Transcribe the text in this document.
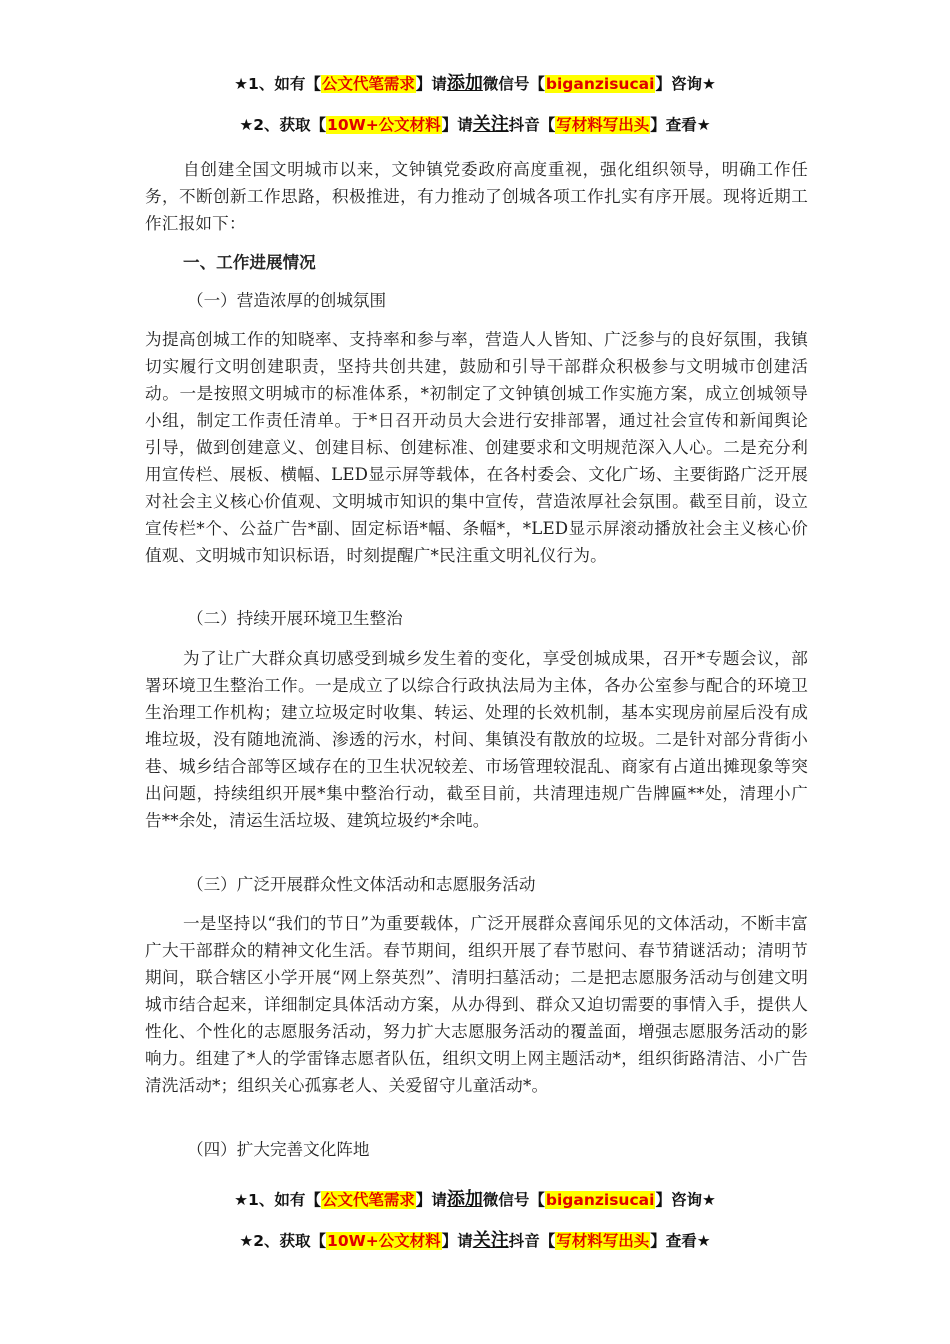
★1、如有【公文代笔需求】请添加微信号【biganzisucai】咨询★
★2、获取【10W+公文材料】请关注抖音【写材料写出头】查看★

自创建全国文明城市以来，文钟镇党委政府高度重视，强化组织领导，明确工作任务，不断创新工作思路，积极推进，有力推动了创城各项工作扎实有序开展。现将近期工作汇报如下：

一、工作进展情况

（一）营造浓厚的创城氛围

为提高创城工作的知晓率、支持率和参与率，营造人人皆知、广泛参与的良好氛围，我镇切实履行文明创建职责，坚持共创共建，鼓励和引导干部群众积极参与文明城市创建活动。一是按照文明城市的标准体系，*初制定了文钟镇创城工作实施方案，成立创城领导小组，制定工作责任清单。于*日召开动员大会进行安排部署，通过社会宣传和新闻舆论引导，做到创建意义、创建目标、创建标准、创建要求和文明规范深入人心。二是充分利用宣传栏、展板、横幅、LED显示屏等载体，在各村委会、文化广场、主要街路广泛开展对社会主义核心价值观、文明城市知识的集中宣传，营造浓厚社会氛围。截至目前，设立宣传栏*个、公益广告*副、固定标语*幅、条幅*，*LED显示屏滚动播放社会主义核心价值观、文明城市知识标语，时刻提醒广*民注重文明礼仪行为。

（二）持续开展环境卫生整治

为了让广大群众真切感受到城乡发生着的变化，享受创城成果，召开*专题会议，部署环境卫生整治工作。一是成立了以综合行政执法局为主体，各办公室参与配合的环境卫生治理工作机构；建立垃圾定时收集、转运、处理的长效机制，基本实现房前屋后没有成堆垃圾，没有随地流淌、渗透的污水，村间、集镇没有散放的垃圾。二是针对部分背街小巷、城乡结合部等区域存在的卫生状况较差、市场管理较混乱、商家有占道出摊现象等突出问题，持续组织开展*集中整治行动，截至目前，共清理违规广告牌匾**处，清理小广告**余处，清运生活垃圾、建筑垃圾约*余吨。

（三）广泛开展群众性文体活动和志愿服务活动

一是坚持以“我们的节日”为重要载体，广泛开展群众喜闻乐见的文体活动，不断丰富广大干部群众的精神文化生活。春节期间，组织开展了春节慰问、春节猜谜活动；清明节期间，联合辖区小学开展“网上祭英烈”、清明扫墓活动；二是把志愿服务活动与创建文明城市结合起来，详细制定具体活动方案，从办得到、群众又迫切需要的事情入手，提供人性化、个性化的志愿服务活动，努力扩大志愿服务活动的覆盖面，增强志愿服务活动的影响力。组建了*人的学雷锋志愿者队伍，组织文明上网主题活动*，组织街路清洁、小广告清洗活动*；组织关心孤寡老人、关爱留守儿童活动*。

（四）扩大完善文化阵地

★1、如有【公文代笔需求】请添加微信号【biganzisucai】咨询★
★2、获取【10W+公文材料】请关注抖音【写材料写出头】查看★
